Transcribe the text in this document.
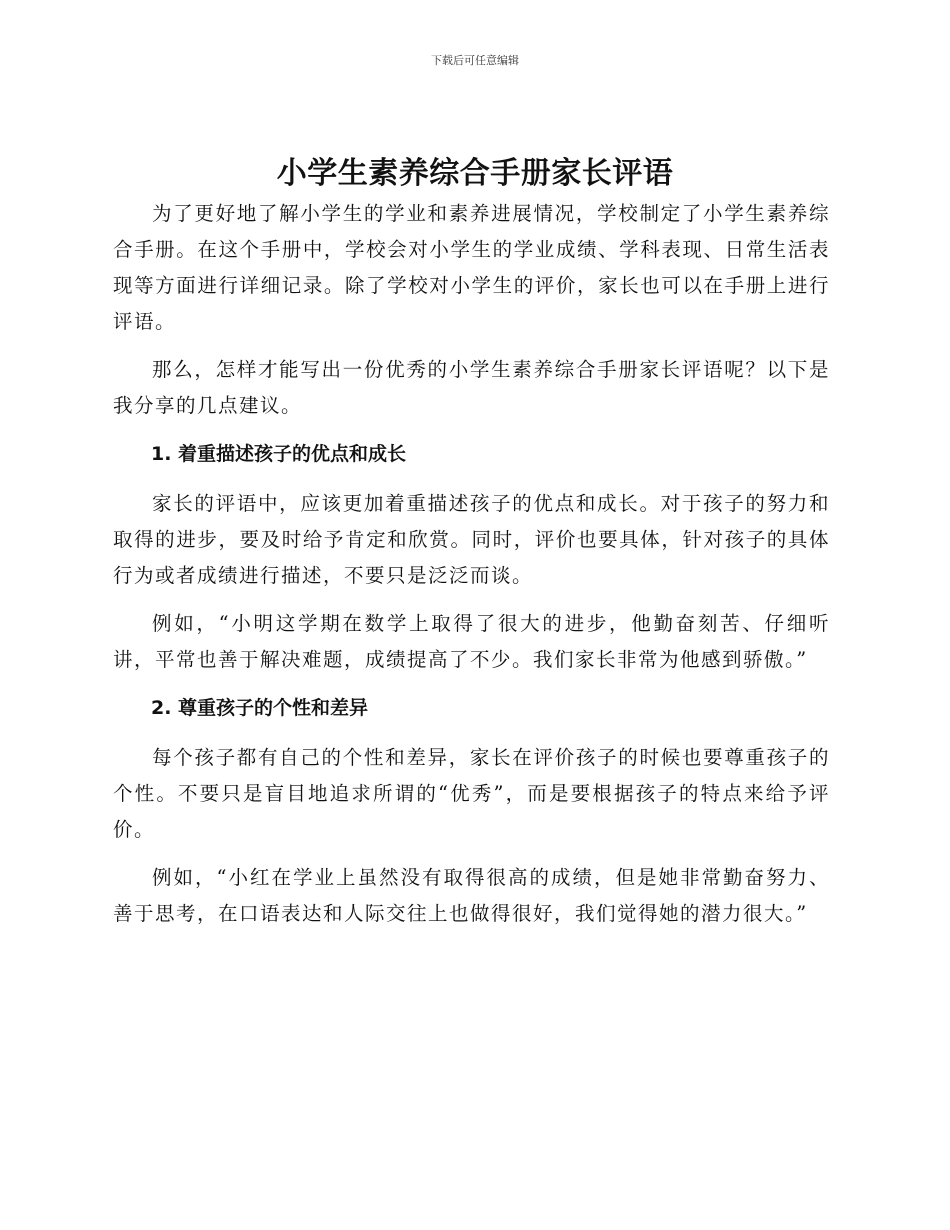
下载后可任意编辑
小学生素养综合手册家长评语

为了更好地了解小学生的学业和素养进展情况，学校制定了小学生素养综合手册。在这个手册中，学校会对小学生的学业成绩、学科表现、日常生活表现等方面进行详细记录。除了学校对小学生的评价，家长也可以在手册上进行评语。

那么，怎样才能写出一份优秀的小学生素养综合手册家长评语呢？以下是我分享的几点建议。

1. 着重描述孩子的优点和成长

家长的评语中，应该更加着重描述孩子的优点和成长。对于孩子的努力和取得的进步，要及时给予肯定和欣赏。同时，评价也要具体，针对孩子的具体行为或者成绩进行描述，不要只是泛泛而谈。

例如，“小明这学期在数学上取得了很大的进步，他勤奋刻苦、仔细听讲，平常也善于解决难题，成绩提高了不少。我们家长非常为他感到骄傲。”

2. 尊重孩子的个性和差异

每个孩子都有自己的个性和差异，家长在评价孩子的时候也要尊重孩子的个性。不要只是盲目地追求所谓的“优秀”，而是要根据孩子的特点来给予评价。

例如，“小红在学业上虽然没有取得很高的成绩，但是她非常勤奋努力、善于思考，在口语表达和人际交往上也做得很好，我们觉得她的潜力很大。”
